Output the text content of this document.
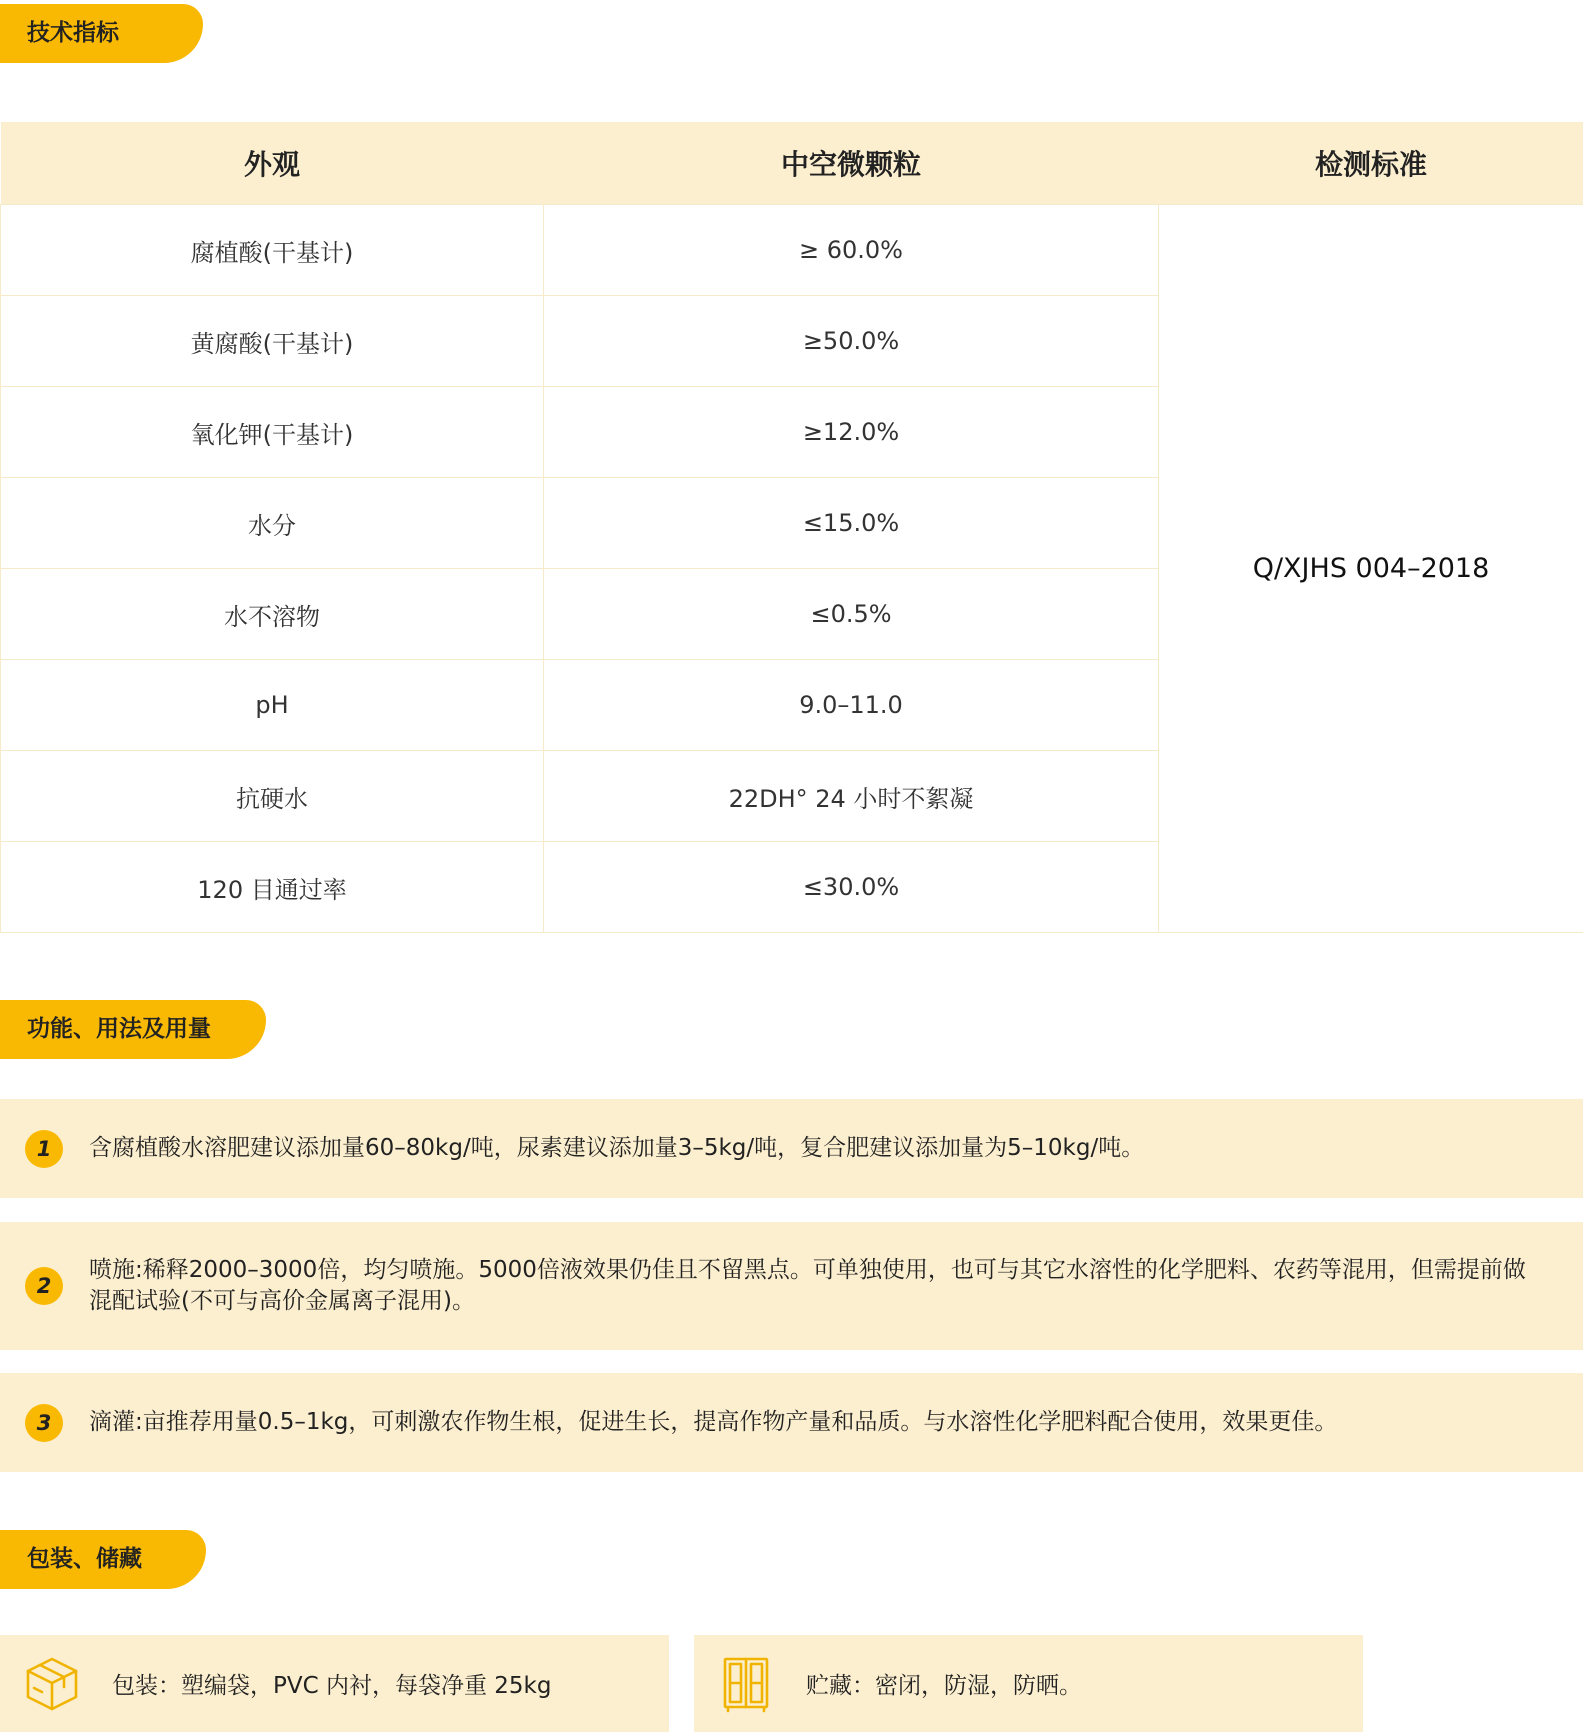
技术指标
外观	中空微颗粒	检测标准
腐植酸(干基计)	≥ 60.0%	Q/XJHS 004–2018
黄腐酸(干基计)	≥50.0%	
氧化钾(干基计)	≥12.0%	
水分	≤15.0%	
水不溶物	≤0.5%	
pH	9.0–11.0	
抗硬水	22DH° 24 小时不絮凝	
120 目通过率	≤30.0%	
功能、用法及用量
1	含腐植酸水溶肥建议添加量60–80kg/吨，尿素建议添加量3–5kg/吨，复合肥建议添加量为5–10kg/吨。
2
喷施:稀释2000–3000倍，均匀喷施。5000倍液效果仍佳且不留黑点。可单独使用，也可与其它水溶性的化学肥料、农药等混用，但需提前做混配试验(不可与高价金属离子混用)。
3	滴灌:亩推荐用量0.5–1kg，可刺激农作物生根，促进生长，提高作物产量和品质。与水溶性化学肥料配合使用，效果更佳。
包装、储藏
包装：塑编袋，PVC 内衬，每袋净重 25kg	贮藏：密闭，防湿，防晒。
